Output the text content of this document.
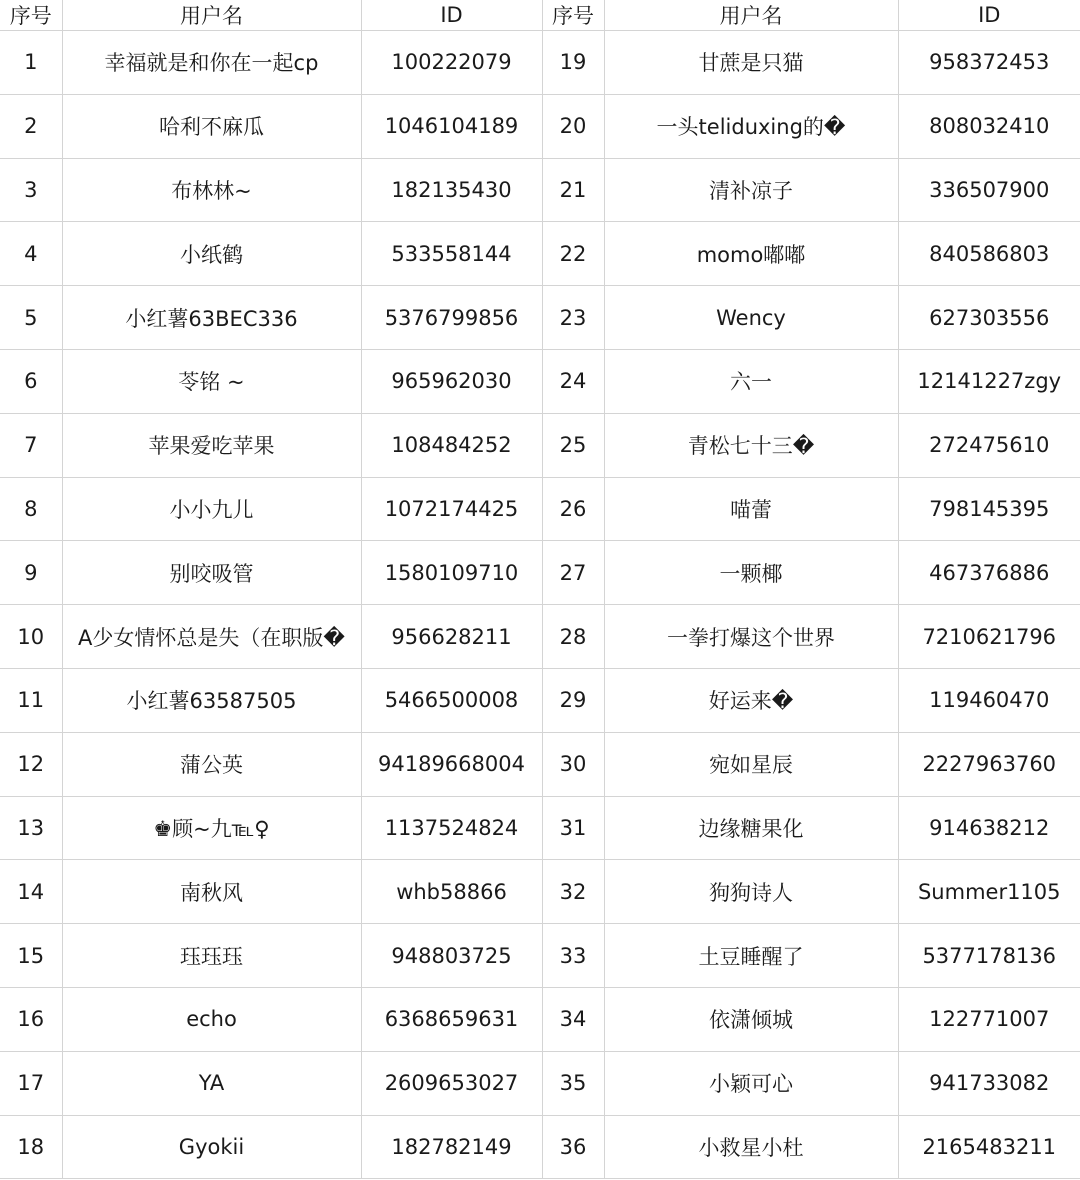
序号	用户名	ID	序号	用户名	ID
1	幸福就是和你在一起cp	100222079	19	甘蔗是只猫	958372453
2	哈利不麻瓜	1046104189	20	一头teliduxing的�	808032410
3	布林林~	182135430	21	清补凉子	336507900
4	小纸鹤	533558144	22	momo嘟嘟	840586803
5	小红薯63BEC336	5376799856	23	Wency	627303556
6	苓铭 ~	965962030	24	六一	12141227zgy
7	苹果爱吃苹果	108484252	25	青松七十三�	272475610
8	小小九儿	1072174425	26	喵蕾	798145395
9	别咬吸管	1580109710	27	一颗椰	467376886
10	A少女情怀总是失（在职版�	956628211	28	一拳打爆这个世界	7210621796
11	小红薯63587505	5466500008	29	好运来�	119460470
12	蒲公英	94189668004	30	宛如星辰	2227963760
13	♚顾~九℡♀	1137524824	31	边缘糖果化	914638212
14	南秋风	whb58866	32	狗狗诗人	Summer1105
15	珏珏珏	948803725	33	土豆睡醒了	5377178136
16	echo	6368659631	34	依潇倾城	122771007
17	YA	2609653027	35	小颖可心	941733082
18	Gyokii	182782149	36	小救星小杜	2165483211
